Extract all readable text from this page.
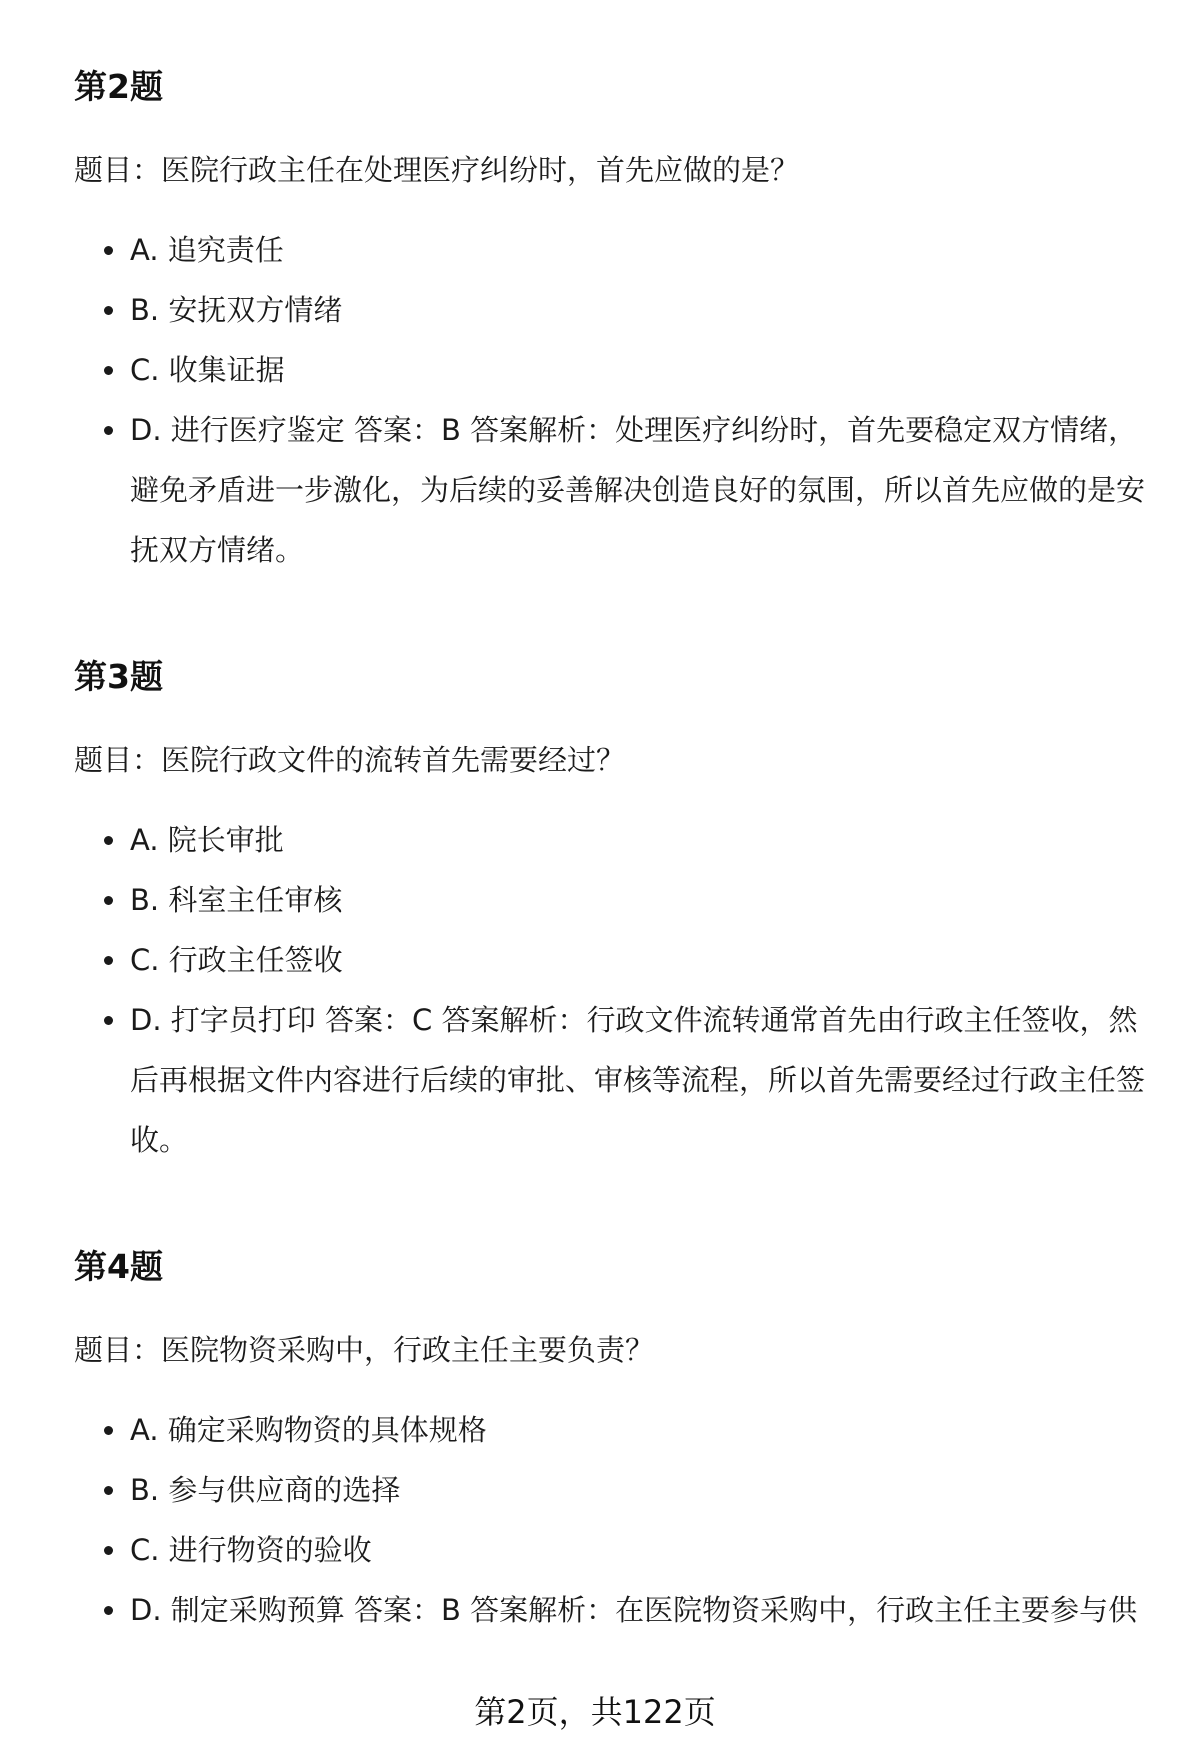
第2题

题目：医院行政主任在处理医疗纠纷时，首先应做的是？

A. 追究责任
B. 安抚双方情绪
C. 收集证据
D. 进行医疗鉴定 答案：B 答案解析：处理医疗纠纷时，首先要稳定双方情绪，避免矛盾进一步激化，为后续的妥善解决创造良好的氛围，所以首先应做的是安抚双方情绪。
第3题

题目：医院行政文件的流转首先需要经过？

A. 院长审批
B. 科室主任审核
C. 行政主任签收
D. 打字员打印 答案：C 答案解析：行政文件流转通常首先由行政主任签收，然后再根据文件内容进行后续的审批、审核等流程，所以首先需要经过行政主任签收。
第4题

题目：医院物资采购中，行政主任主要负责？

A. 确定采购物资的具体规格
B. 参与供应商的选择
C. 进行物资的验收
D. 制定采购预算 答案：B 答案解析：在医院物资采购中，行政主任主要参与供
第2页，共122页
